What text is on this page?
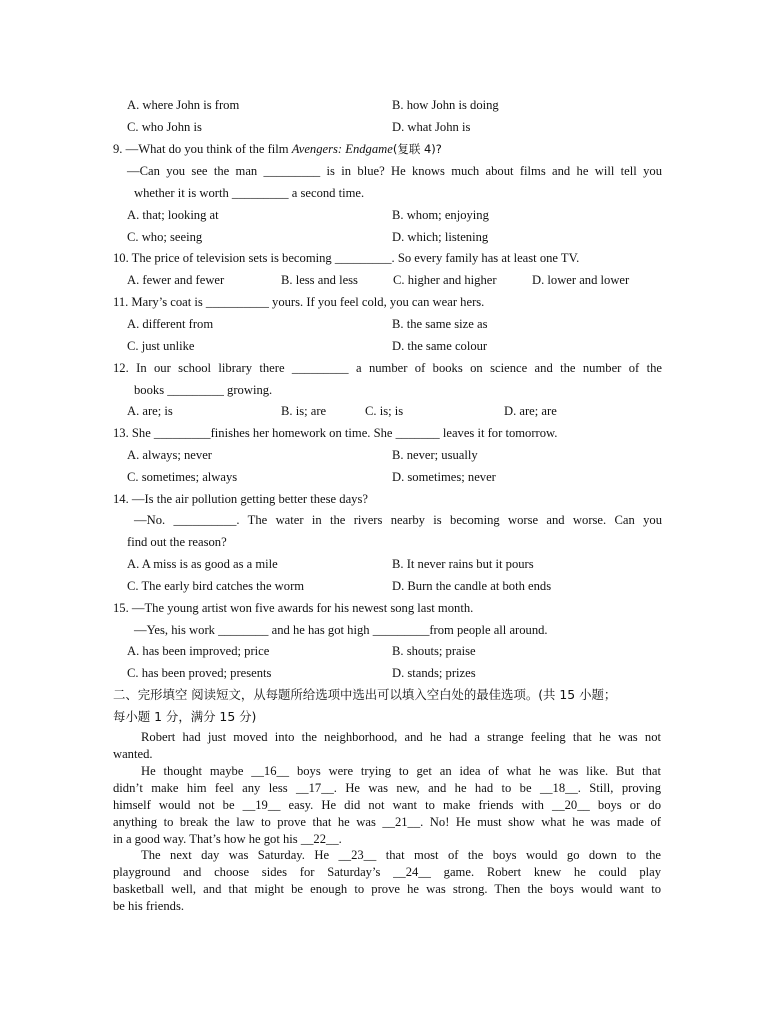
A. where John is from	B. how John is doing
C. who John is	D. what John is
9. —What do you think of the film Avengers: Endgame(复联 4)?
—Can you see the man _________ is in blue? He knows much about films and he will tell you
whether it is worth _________ a second time.
A. that; looking at	B. whom; enjoying
C. who; seeing	D. which; listening
10. The price of television sets is becoming _________. So every family has at least one TV.
A. fewer and fewer	B. less and less	C. higher and higher	D. lower and lower
11. Mary’s coat is __________ yours. If you feel cold, you can wear hers.
A. different from	B. the same size as
C. just unlike	D. the same colour
12. In our school library there _________ a number of books on science and the number of the
books _________ growing.
A. are; is	B. is; are	C. is; is	D. are; are
13. She _________finishes her homework on time. She _______ leaves it for tomorrow.
A. always; never	B. never; usually
C. sometimes; always	D. sometimes; never
14. —Is the air pollution getting better these days?
—No. __________. The water in the rivers nearby is becoming worse and worse. Can you
find out the reason?
A. A miss is as good as a mile	B. It never rains but it pours
C. The early bird catches the worm	D. Burn the candle at both ends
15. —The young artist won five awards for his newest song last month.
—Yes, his work ________ and he has got high _________from people all around.
A. has been improved; price	B. shouts; praise
C. has been proved; presents	D. stands; prizes
二、完形填空 阅读短文，从每题所给选项中选出可以填入空白处的最佳选项。(共 15 小题；
每小题 1 分，满分 15 分)
Robert had just moved into the neighborhood, and he had a strange feeling that he was not
wanted.
He thought maybe __16__ boys were trying to get an idea of what he was like. But that
didn’t make him feel any less __17__. He was new, and he had to be __18__. Still, proving
himself would not be __19__ easy. He did not want to make friends with __20__ boys or do
anything to break the law to prove that he was __21__. No! He must show what he was made of
in a good way. That’s how he got his __22__.
The next day was Saturday. He __23__ that most of the boys would go down to the
playground and choose sides for Saturday’s __24__ game. Robert knew he could play
basketball well, and that might be enough to prove he was strong. Then the boys would want to
be his friends.
